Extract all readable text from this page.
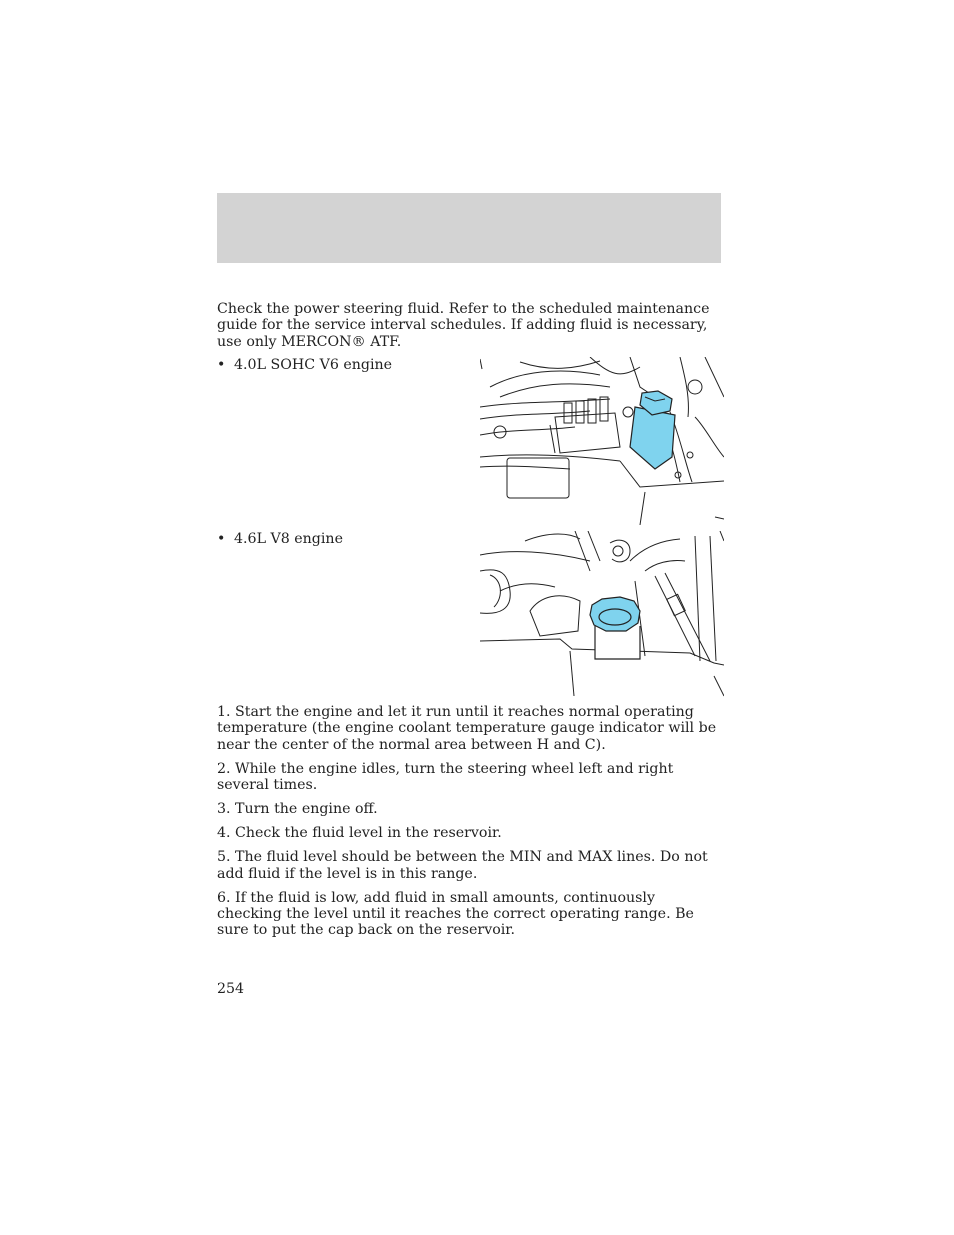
Check the power steering fluid. Refer to the scheduled maintenance guide for the service interval schedules. If adding fluid is necessary, use only MERCON® ATF.

• 4.0L SOHC V6 engine
• 4.6L V8 engine

1. Start the engine and let it run until it reaches normal operating temperature (the engine coolant temperature gauge indicator will be near the center of the normal area between H and C).

2. While the engine idles, turn the steering wheel left and right several times.

3. Turn the engine off.

4. Check the fluid level in the reservoir.

5. The fluid level should be between the MIN and MAX lines. Do not add fluid if the level is in this range.

6. If the fluid is low, add fluid in small amounts, continuously checking the level until it reaches the correct operating range. Be sure to put the cap back on the reservoir.

254
